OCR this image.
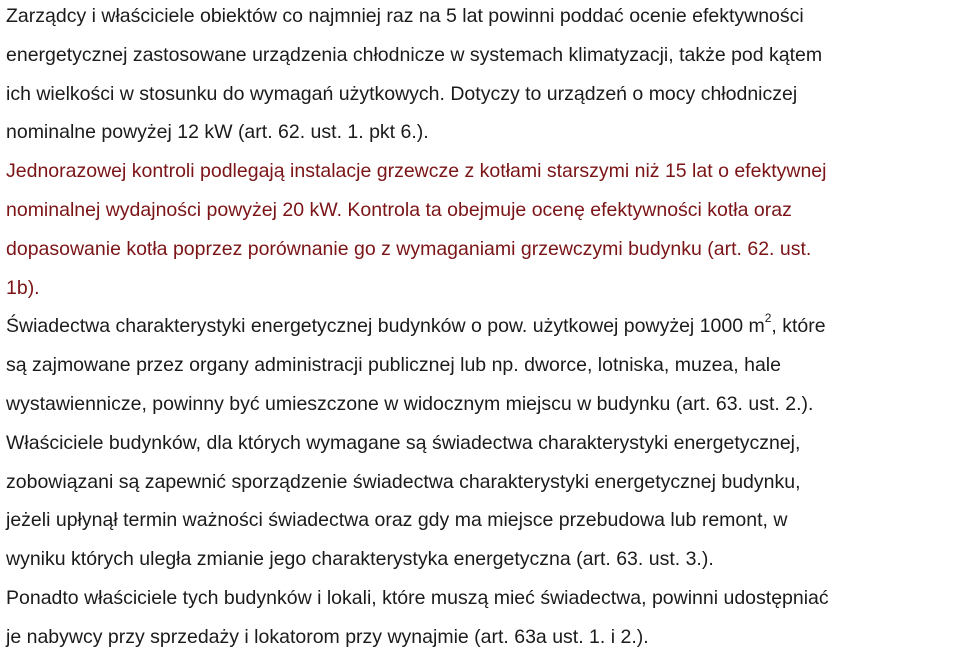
Zarządcy i właściciele obiektów co najmniej raz na 5 lat powinni poddać ocenie efektywności
energetycznej zastosowane urządzenia chłodnicze w systemach klimatyzacji, także pod kątem
ich wielkości w stosunku do wymagań użytkowych. Dotyczy to urządzeń o mocy chłodniczej
nominalne powyżej 12 kW (art. 62. ust. 1. pkt 6.).

Jednorazowej kontroli podlegają instalacje grzewcze z kotłami starszymi niż 15 lat o efektywnej
nominalnej wydajności powyżej 20 kW. Kontrola ta obejmuje ocenę efektywności kotła oraz
dopasowanie kotła poprzez porównanie go z wymaganiami grzewczymi budynku (art. 62. ust.
1b).

Świadectwa charakterystyki energetycznej budynków o pow. użytkowej powyżej 1000 $m^2$, które
są zajmowane przez organy administracji publicznej lub np. dworce, lotniska, muzea, hale
wystawiennicze, powinny być umieszczone w widocznym miejscu w budynku (art. 63. ust. 2.).

Właściciele budynków, dla których wymagane są świadectwa charakterystyki energetycznej,
zobowiązani są zapewnić sporządzenie świadectwa charakterystyki energetycznej budynku,
jeżeli upłynął termin ważności świadectwa oraz gdy ma miejsce przebudowa lub remont, w
wyniku których uległa zmianie jego charakterystyka energetyczna (art. 63. ust. 3.).

Ponadto właściciele tych budynków i lokali, które muszą mieć świadectwa, powinni udostępniać
je nabywcy przy sprzedaży i lokatorom przy wynajmie (art. 63a ust. 1. i 2.).
